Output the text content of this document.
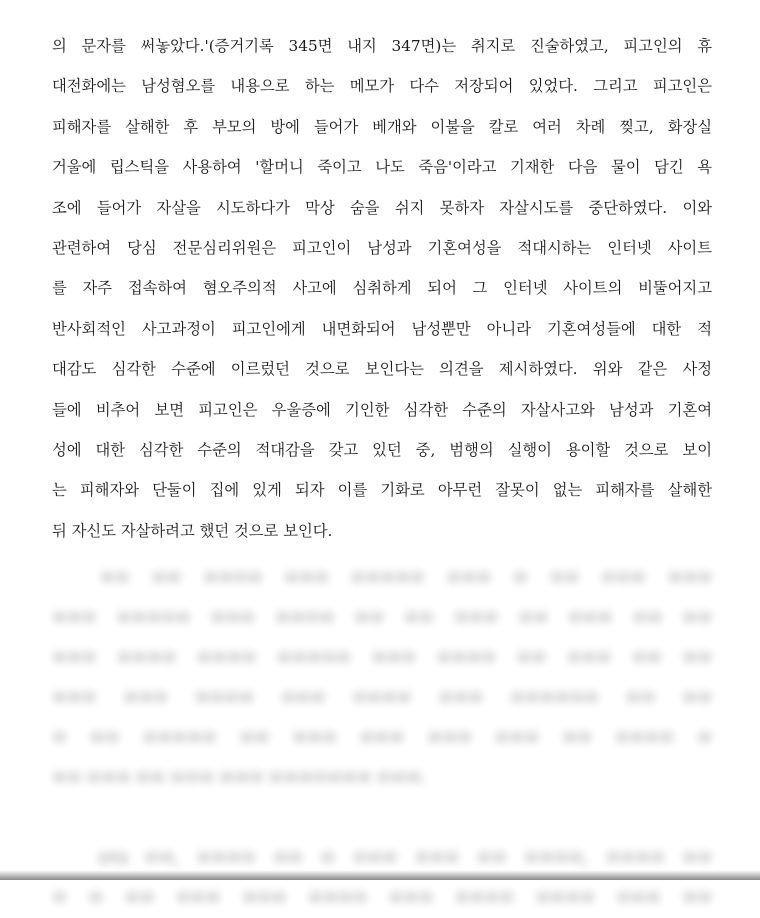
의 문자를 써놓았다.'(증거기록 345면 내지 347면)는 취지로 진술하였고, 피고인의 휴
대전화에는 남성혐오를 내용으로 하는 메모가 다수 저장되어 있었다. 그리고 피고인은
피해자를 살해한 후 부모의 방에 들어가 베개와 이불을 칼로 여러 차례 찢고, 화장실
거울에 립스틱을 사용하여 '할머니 죽이고 나도 죽음'이라고 기재한 다음 물이 담긴 욕
조에 들어가 자살을 시도하다가 막상 숨을 쉬지 못하자 자살시도를 중단하였다. 이와
관련하여 당심 전문심리위원은 피고인이 남성과 기혼여성을 적대시하는 인터넷 사이트
를 자주 접속하여 혐오주의적 사고에 심취하게 되어 그 인터넷 사이트의 비뚤어지고
반사회적인 사고과정이 피고인에게 내면화되어 남성뿐만 아니라 기혼여성들에 대한 적
대감도 심각한 수준에 이르렀던 것으로 보인다는 의견을 제시하였다. 위와 같은 사정
들에 비추어 보면 피고인은 우울증에 기인한 심각한 수준의 자살사고와 남성과 기혼여
성에 대한 심각한 수준의 적대감을 갖고 있던 중, 범행의 실행이 용이할 것으로 보이
는 피해자와 단둘이 집에 있게 되자 이를 기화로 아무런 잘못이 없는 피해자를 살해한
뒤 자신도 자살하려고 했던 것으로 보인다.
ㅁㅁ ㅁㅁ ㅁㅁㅁㅁ ㅁㅁㅁ ㅁㅁㅁㅁㅁ ㅁㅁㅁ ㅁ ㅁㅁ ㅁㅁㅁ ㅁㅁㅁ
ㅁㅁㅁ ㅁㅁㅁㅁㅁ ㅁㅁㅁ ㅁㅁㅁㅁ ㅁㅁ ㅁㅁ ㅁㅁㅁ ㅁㅁ ㅁㅁㅁ ㅁㅁ ㅁㅁ
ㅁㅁㅁ ㅁㅁㅁㅁ ㅁㅁㅁㅁ ㅁㅁㅁㅁㅁ ㅁㅁㅁ ㅁㅁㅁㅁ ㅁㅁ ㅁㅁㅁ ㅁㅁ ㅁㅁ
ㅁㅁㅁ ㅁㅁㅁ ㅁㅁㅁㅁ ㅁㅁㅁ ㅁㅁㅁㅁ ㅁㅁㅁ ㅁㅁㅁㅁㅁㅁ ㅁㅁ ㅁㅁ
ㅁ ㅁㅁ ㅁㅁㅁㅁㅁ ㅁㅁ ㅁㅁㅁ ㅁㅁㅁ ㅁㅁㅁ ㅁㅁㅁ ㅁㅁ ㅁㅁㅁㅁ ㅁ
ㅁㅁ ㅁㅁㅁ ㅁㅁ ㅁㅁㅁ ㅁㅁㅁ ㅁㅁㅁㅁㅁㅁㅁ ㅁㅁㅁ.
(ㅁ) ㅁㅁ, ㅁㅁㅁㅁ ㅁㅁ ㅁ ㅁㅁㅁ ㅁㅁㅁ ㅁㅁ ㅁㅁㅁㅁ, ㅁㅁㅁㅁ ㅁㅁ
ㅁ ㅁ ㅁㅁ ㅁㅁㅁ ㅁㅁㅁ ㅁㅁㅁㅁ ㅁㅁㅁ ㅁㅁㅁㅁ ㅁㅁㅁㅁ ㅁㅁㅁ ㅁㅁ
